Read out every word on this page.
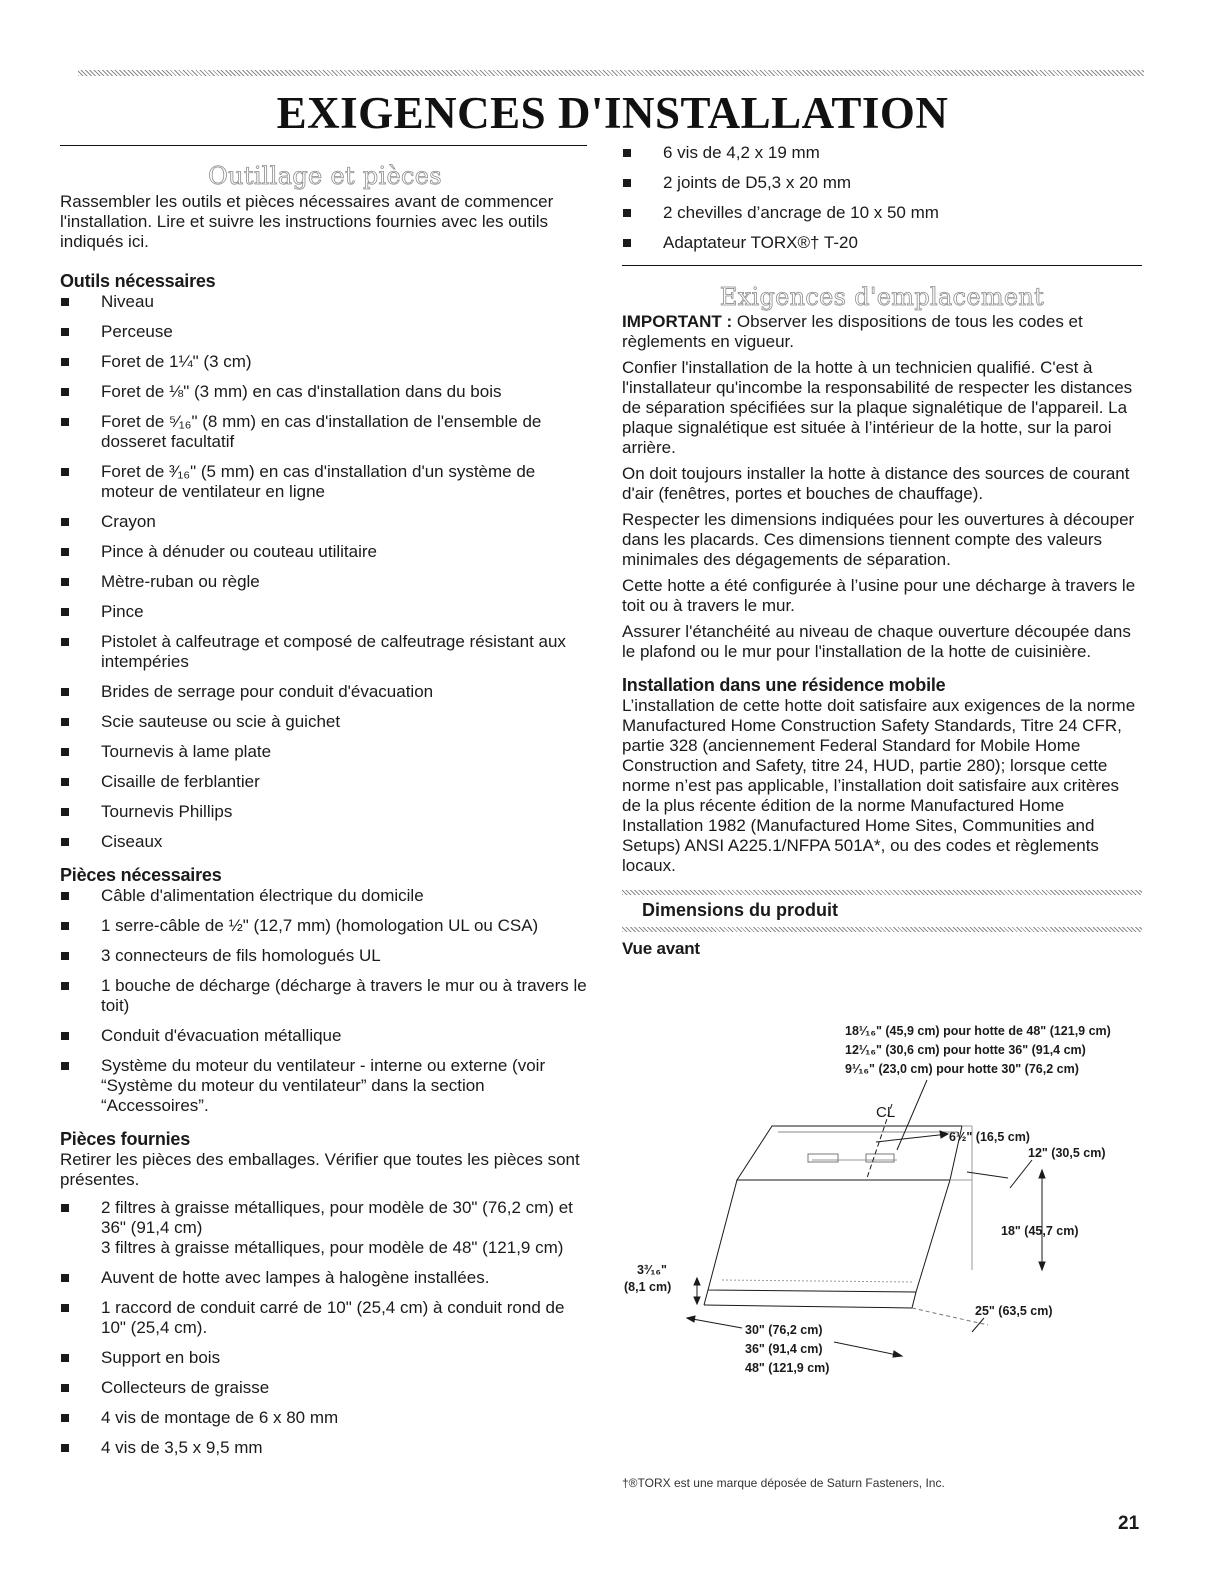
EXIGENCES D'INSTALLATION
Outillage et pièces

Rassembler les outils et pièces nécessaires avant de commencer l'installation. Lire et suivre les instructions fournies avec les outils indiqués ici.

Outils nécessaires
Niveau
Perceuse
Foret de 1¼" (3 cm)
Foret de ⅛" (3 mm) en cas d'installation dans du bois
Foret de ⁵⁄₁₆" (8 mm) en cas d'installation de l'ensemble de dosseret facultatif
Foret de ³⁄₁₆" (5 mm) en cas d'installation d'un système de moteur de ventilateur en ligne
Crayon
Pince à dénuder ou couteau utilitaire
Mètre-ruban ou règle
Pince
Pistolet à calfeutrage et composé de calfeutrage résistant aux intempéries
Brides de serrage pour conduit d'évacuation
Scie sauteuse ou scie à guichet
Tournevis à lame plate
Cisaille de ferblantier
Tournevis Phillips
Ciseaux
Pièces nécessaires
Câble d'alimentation électrique du domicile
1 serre-câble de ½" (12,7 mm) (homologation UL ou CSA)
3 connecteurs de fils homologués UL
1 bouche de décharge (décharge à travers le mur ou à travers le toit)
Conduit d'évacuation métallique
Système du moteur du ventilateur - interne ou externe (voir “Système du moteur du ventilateur” dans la section “Accessoires”.
Pièces fournies

Retirer les pièces des emballages. Vérifier que toutes les pièces sont présentes.

2 filtres à graisse métalliques, pour modèle de 30" (76,2 cm) et 36" (91,4 cm)
3 filtres à graisse métalliques, pour modèle de 48" (121,9 cm)
Auvent de hotte avec lampes à halogène installées.
1 raccord de conduit carré de 10" (25,4 cm) à conduit rond de 10" (25,4 cm).
Support en bois
Collecteurs de graisse
4 vis de montage de 6 x 80 mm
4 vis de 3,5 x 9,5 mm
6 vis de 4,2 x 19 mm
2 joints de D5,3 x 20 mm
2 chevilles d’ancrage de 10 x 50 mm
Adaptateur TORX®† T-20
Exigences d'emplacement

IMPORTANT : Observer les dispositions de tous les codes et règlements en vigueur.

Confier l'installation de la hotte à un technicien qualifié. C'est à l'installateur qu'incombe la responsabilité de respecter les distances de séparation spécifiées sur la plaque signalétique de l'appareil. La plaque signalétique est située à l’intérieur de la hotte, sur la paroi arrière.

On doit toujours installer la hotte à distance des sources de courant d'air (fenêtres, portes et bouches de chauffage).

Respecter les dimensions indiquées pour les ouvertures à découper dans les placards. Ces dimensions tiennent compte des valeurs minimales des dégagements de séparation.

Cette hotte a été configurée à l’usine pour une décharge à travers le toit ou à travers le mur.

Assurer l'étanchéité au niveau de chaque ouverture découpée dans le plafond ou le mur pour l'installation de la hotte de cuisinière.

Installation dans une résidence mobile

L’installation de cette hotte doit satisfaire aux exigences de la norme Manufactured Home Construction Safety Standards, Titre 24 CFR, partie 328 (anciennement Federal Standard for Mobile Home Construction and Safety, titre 24, HUD, partie 280); lorsque cette norme n’est pas applicable, l’installation doit satisfaire aux critères de la plus récente édition de la norme Manufactured Home Installation 1982 (Manufactured Home Sites, Communities and Setups) ANSI A225.1/NFPA 501A*, ou des codes et règlements locaux.

Dimensions du produit
Vue avant
18¹⁄₁₆" (45,9 cm) pour hotte de 48" (121,9 cm)
12¹⁄₁₆" (30,6 cm) pour hotte 36" (91,4 cm)
9¹⁄₁₆" (23,0 cm) pour hotte 30" (76,2 cm)
CL
6½" (16,5 cm)
12" (30,5 cm)
18" (45,7 cm)
25" (63,5 cm)
3³⁄₁₆"
(8,1 cm)
30" (76,2 cm)
36" (91,4 cm)
48" (121,9 cm)
†®TORX est une marque déposée de Saturn Fasteners, Inc.
21
